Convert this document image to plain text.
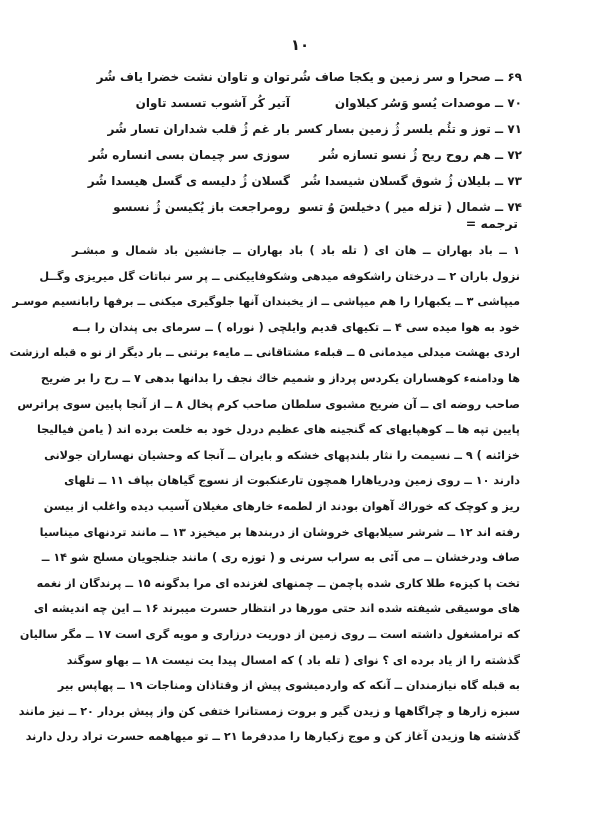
۱۰
۶۹ ــ صحرا و سر زمین و یکجا صاف شُر
توان و تاوان نشت خضرا یاف شُر
۷۰ ــ موصدات یُسو وَسُر کیلاوان
آتیر کُر آشوب تسسد تاوان
۷۱ ــ توز و تئُم یلسر ژُ زمین بسار کسر
بار غم ژُ قلب شداران تسار شُر
۷۲ ــ هم روح ریح ژُ نسو تسازه شُر
سوزی سر چیمان بسی انساره شُر
۷۳ ــ بلیلان ژُ شوق گسلان شیسدا شُر
گسلان ژُ دلیسه ی گسل هیسدا شُر
۷۴ ــ شمال ( تزله میر ) دخیلسَ وُ تسو
رومراجعت باز یُکیسن ژُ نسسو
ترجمه =
۱ ــ باد بهاران ــ هان ای ( تله باد ) باد بهاران ــ جانشین باد شمال و مبشـر
نزول باران ۲ ــ درختان راشکوفه میدهی وشکوفاییکنی ــ پر سر نباتات گل میریزی وگــل
میپاشی ۳ ــ یکبهارا را هم میپاشی ــ از یخبندان آنها جلوگیری میکنی ــ برفها رابانسیم موسـر
خود به هوا میده سی ۴ ــ تکیهای قدیم وایلچی ( نوراه ) ــ سرمای بی پندان را بــه
اردی بهشت میدلی میدمانی ۵ ــ قبلهء مشتاقانی ــ مایهء برتنی ــ بار دیگر از نو ه قبله ارزشت
ها ودامنهء کوهساران یکردس پرداز و شمیم خاك نجف را بدانها بدهی ۷ ــ رح را بر ضریح
صاحب روضه ای ــ آن ضریح مشبوی سلطان صاحب کرم پخال ۸ ــ از آنجا پایین سوی پراترس
پایین تپه ها ــ کوهپایهای که گنجینه های عظیم دردل خود به خلعت برده اند ( یامن فیالیجا
خزائنه ) ۹ ــ نسیمت را نثار بلندپهای خشکه و بایران ــ آنجا که وحشیان نهساران جولانی
دارند ۱۰ ــ روی زمین ودریاهارا همچون تارعنکبوت از نسوج گیاهان بپاف ۱۱ ــ تلهای
ریز و کوچک که خوراك آهوان بودند از لطمهء خارهای مغیلان آسیب دیده واغلب از بیسن
رفته اند ۱۲ ــ شرشر سیلابهای خروشان از دربندها بر میخیزد ۱۳ ــ مانند تردنهای میناسیا
صاف ودرخشان ــ می آئی به سراب سرنی و ( توزه ری ) مانند جنلجویان مسلح شو ۱۴ ــ
تخت پا کیزهء طلا کاری شده پاچمن ــ چمنهای لغزنده ای مرا بدگونه ۱۵ ــ پرندگان از نغمه
های موسیقی شیفته شده اند حتی مورها در انتظار حسرت میبرند ۱۶ ــ این چه اندیشه ای
که ترامشغول داشته است ــ روی زمین از دوریت درزاری و مویه گری است ۱۷ ــ مگر سالیان
گذشته را از یاد برده ای ؟ نوای ( تله باد ) که امسال پیدا یت نیست ۱۸ ــ بهاو سوگند
به قبله گاه نیازمندان ــ آنکه که واردمیشوی پیش از وقتاذان ومناجات ۱۹ ــ پهاپس بیر
سبزه زارها و چراگاهها و زیدن گیر و بروت زمستانرا ختفی کن واز پیش بردار ۲۰ ــ نیز مانند
گذشته ها وزیدن آغاز کن و موج زکیارها را مددفرما ۲۱ ــ تو میهاهمه حسرت تراد ردل دارند
